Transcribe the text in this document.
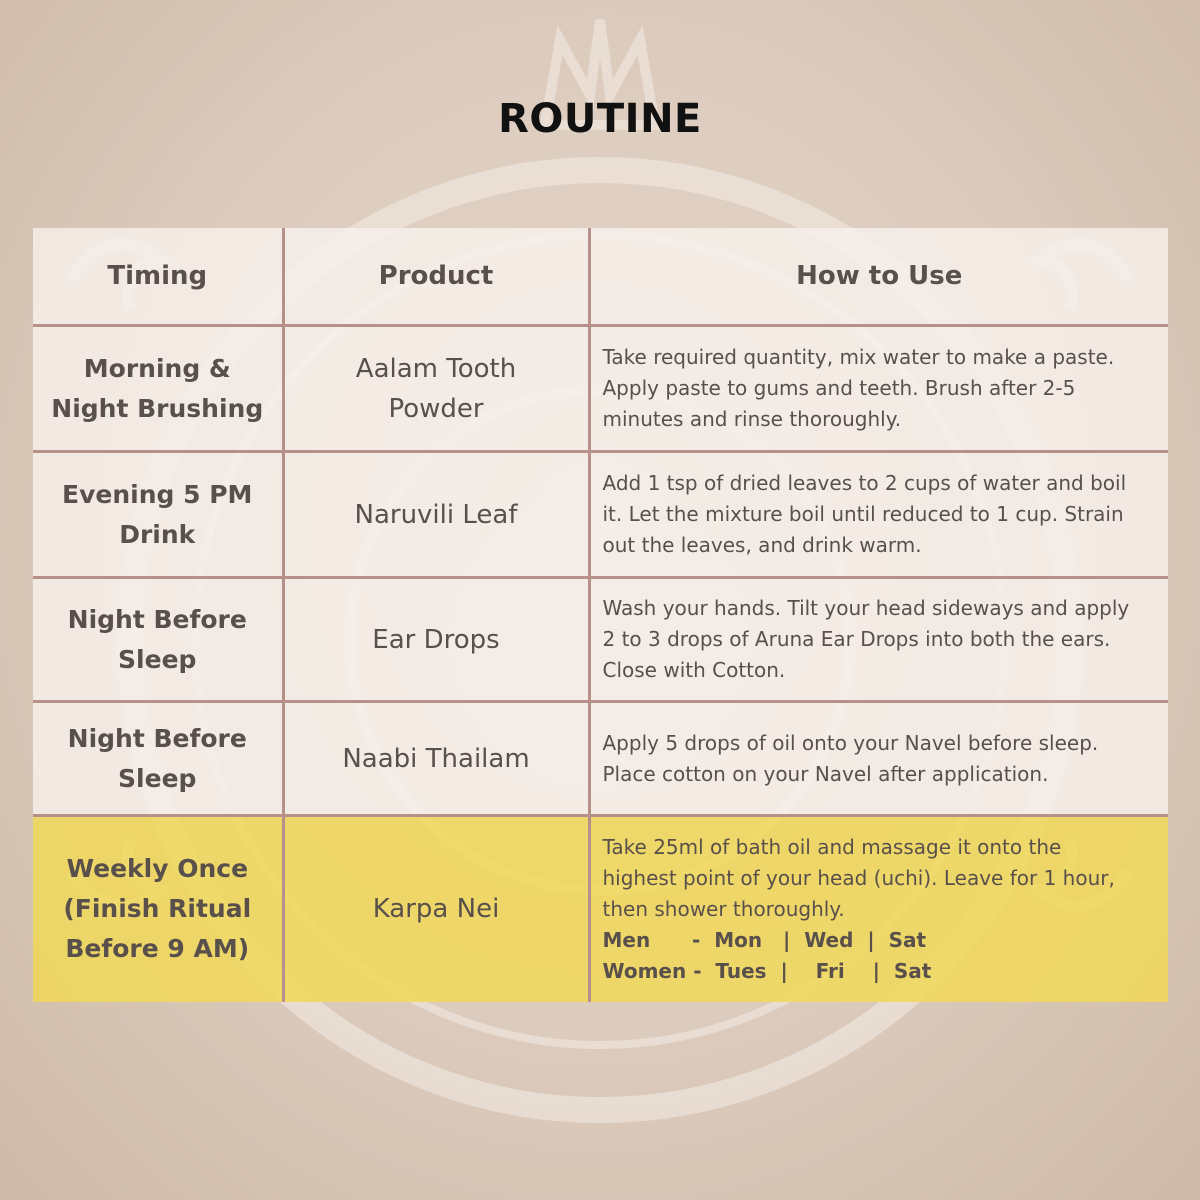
ROUTINE
Timing	Product	How to Use

Morning &
Night Brushing	Aalam Tooth
Powder	Take required quantity, mix water to make a paste.
Apply paste to gums and teeth. Brush after 2-5
minutes and rinse thoroughly.

Evening 5 PM
Drink	Naruvili Leaf	Add 1 tsp of dried leaves to 2 cups of water and boil
it. Let the mixture boil until reduced to 1 cup. Strain
out the leaves, and drink warm.

Night Before
Sleep	Ear Drops	Wash your hands. Tilt your head sideways and apply
2 to 3 drops of Aruna Ear Drops into both the ears.
Close with Cotton.

Night Before
Sleep	Naabi Thailam	Apply 5 drops of oil onto your Navel before sleep.
Place cotton on your Navel after application.

Weekly Once
(Finish Ritual
Before 9 AM)	Karpa Nei	Take 25ml of bath oil and massage it onto the
highest point of your head (uchi). Leave for 1 hour,
then shower thoroughly.
Men      -  Mon   |  Wed  |  Sat
Women -  Tues  |    Fri    |  Sat
